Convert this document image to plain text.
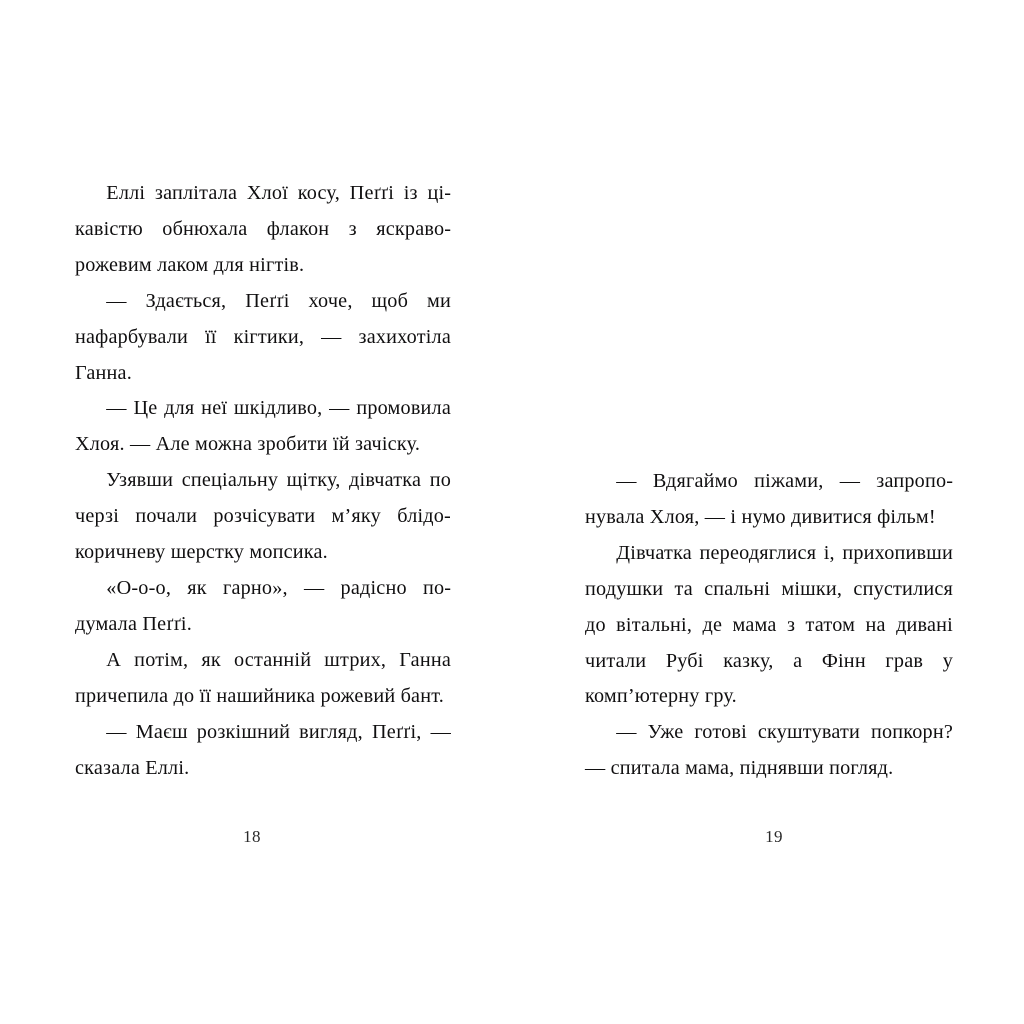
Еллі заплітала Хлої косу, Пеґґі із цікавістю обнюхала флакон з яскраворожевим лаком для нігтів.

— Здається, Пеґґі хоче, щоб ми нафарбували її кігтики, — захихотіла Ганна.

— Це для неї шкідливо, — промовила Хлоя. — Але можна зробити їй зачіску.

Узявши спеціальну щітку, дівчатка по черзі почали розчісувати м’яку блідо-коричневу шерстку мопсика.

«О-о-о, як гарно», — радісно подумала Пеґґі.

А потім, як останній штрих, Ганна причепила до її нашийника рожевий бант.

— Маєш розкішний вигляд, Пеґґі, — сказала Еллі.

18

— Вдягаймо піжами, — запропонувала Хлоя, — і нумо дивитися фільм!

Дівчатка переодяглися і, прихопивши подушки та спальні мішки, спустилися до вітальні, де мама з татом на дивані читали Рубі казку, а Фінн грав у комп’ютерну гру.

— Уже готові скуштувати попкорн? — спитала мама, піднявши погляд.

19
